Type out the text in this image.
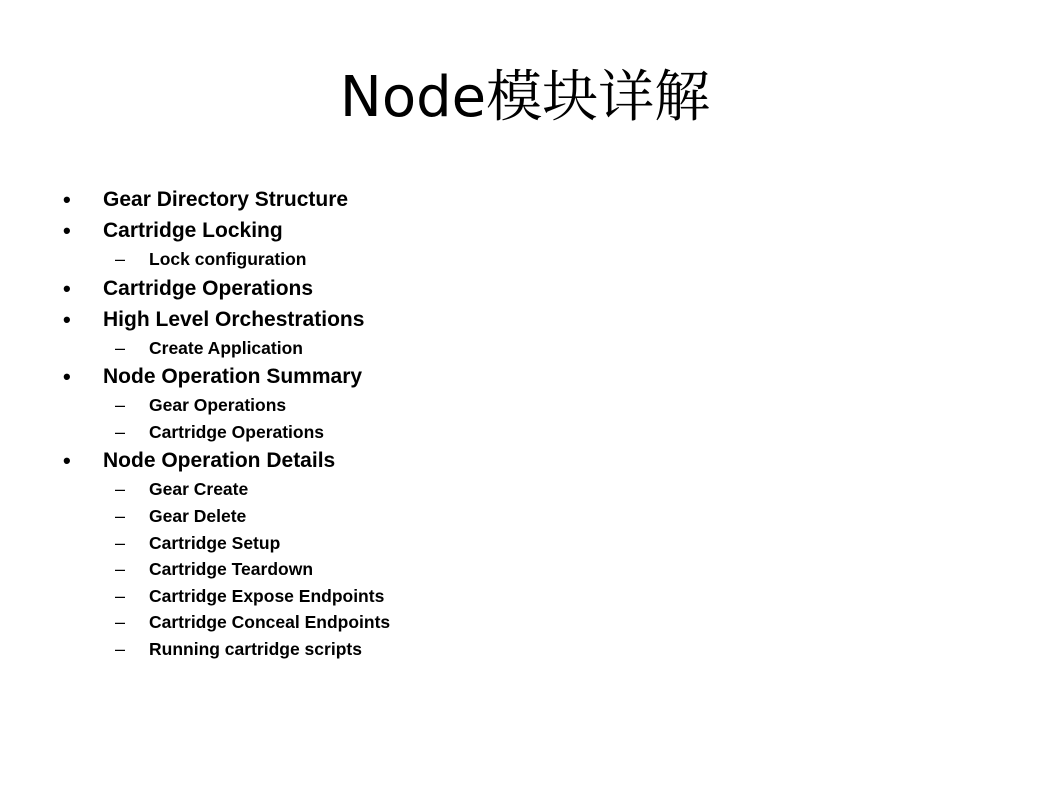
Node模块详解
• Gear Directory Structure
• Cartridge Locking
– Lock configuration
• Cartridge Operations
• High Level Orchestrations
– Create Application
• Node Operation Summary
– Gear Operations
– Cartridge Operations
• Node Operation Details
– Gear Create
– Gear Delete
– Cartridge Setup
– Cartridge Teardown
– Cartridge Expose Endpoints
– Cartridge Conceal Endpoints
– Running cartridge scripts
